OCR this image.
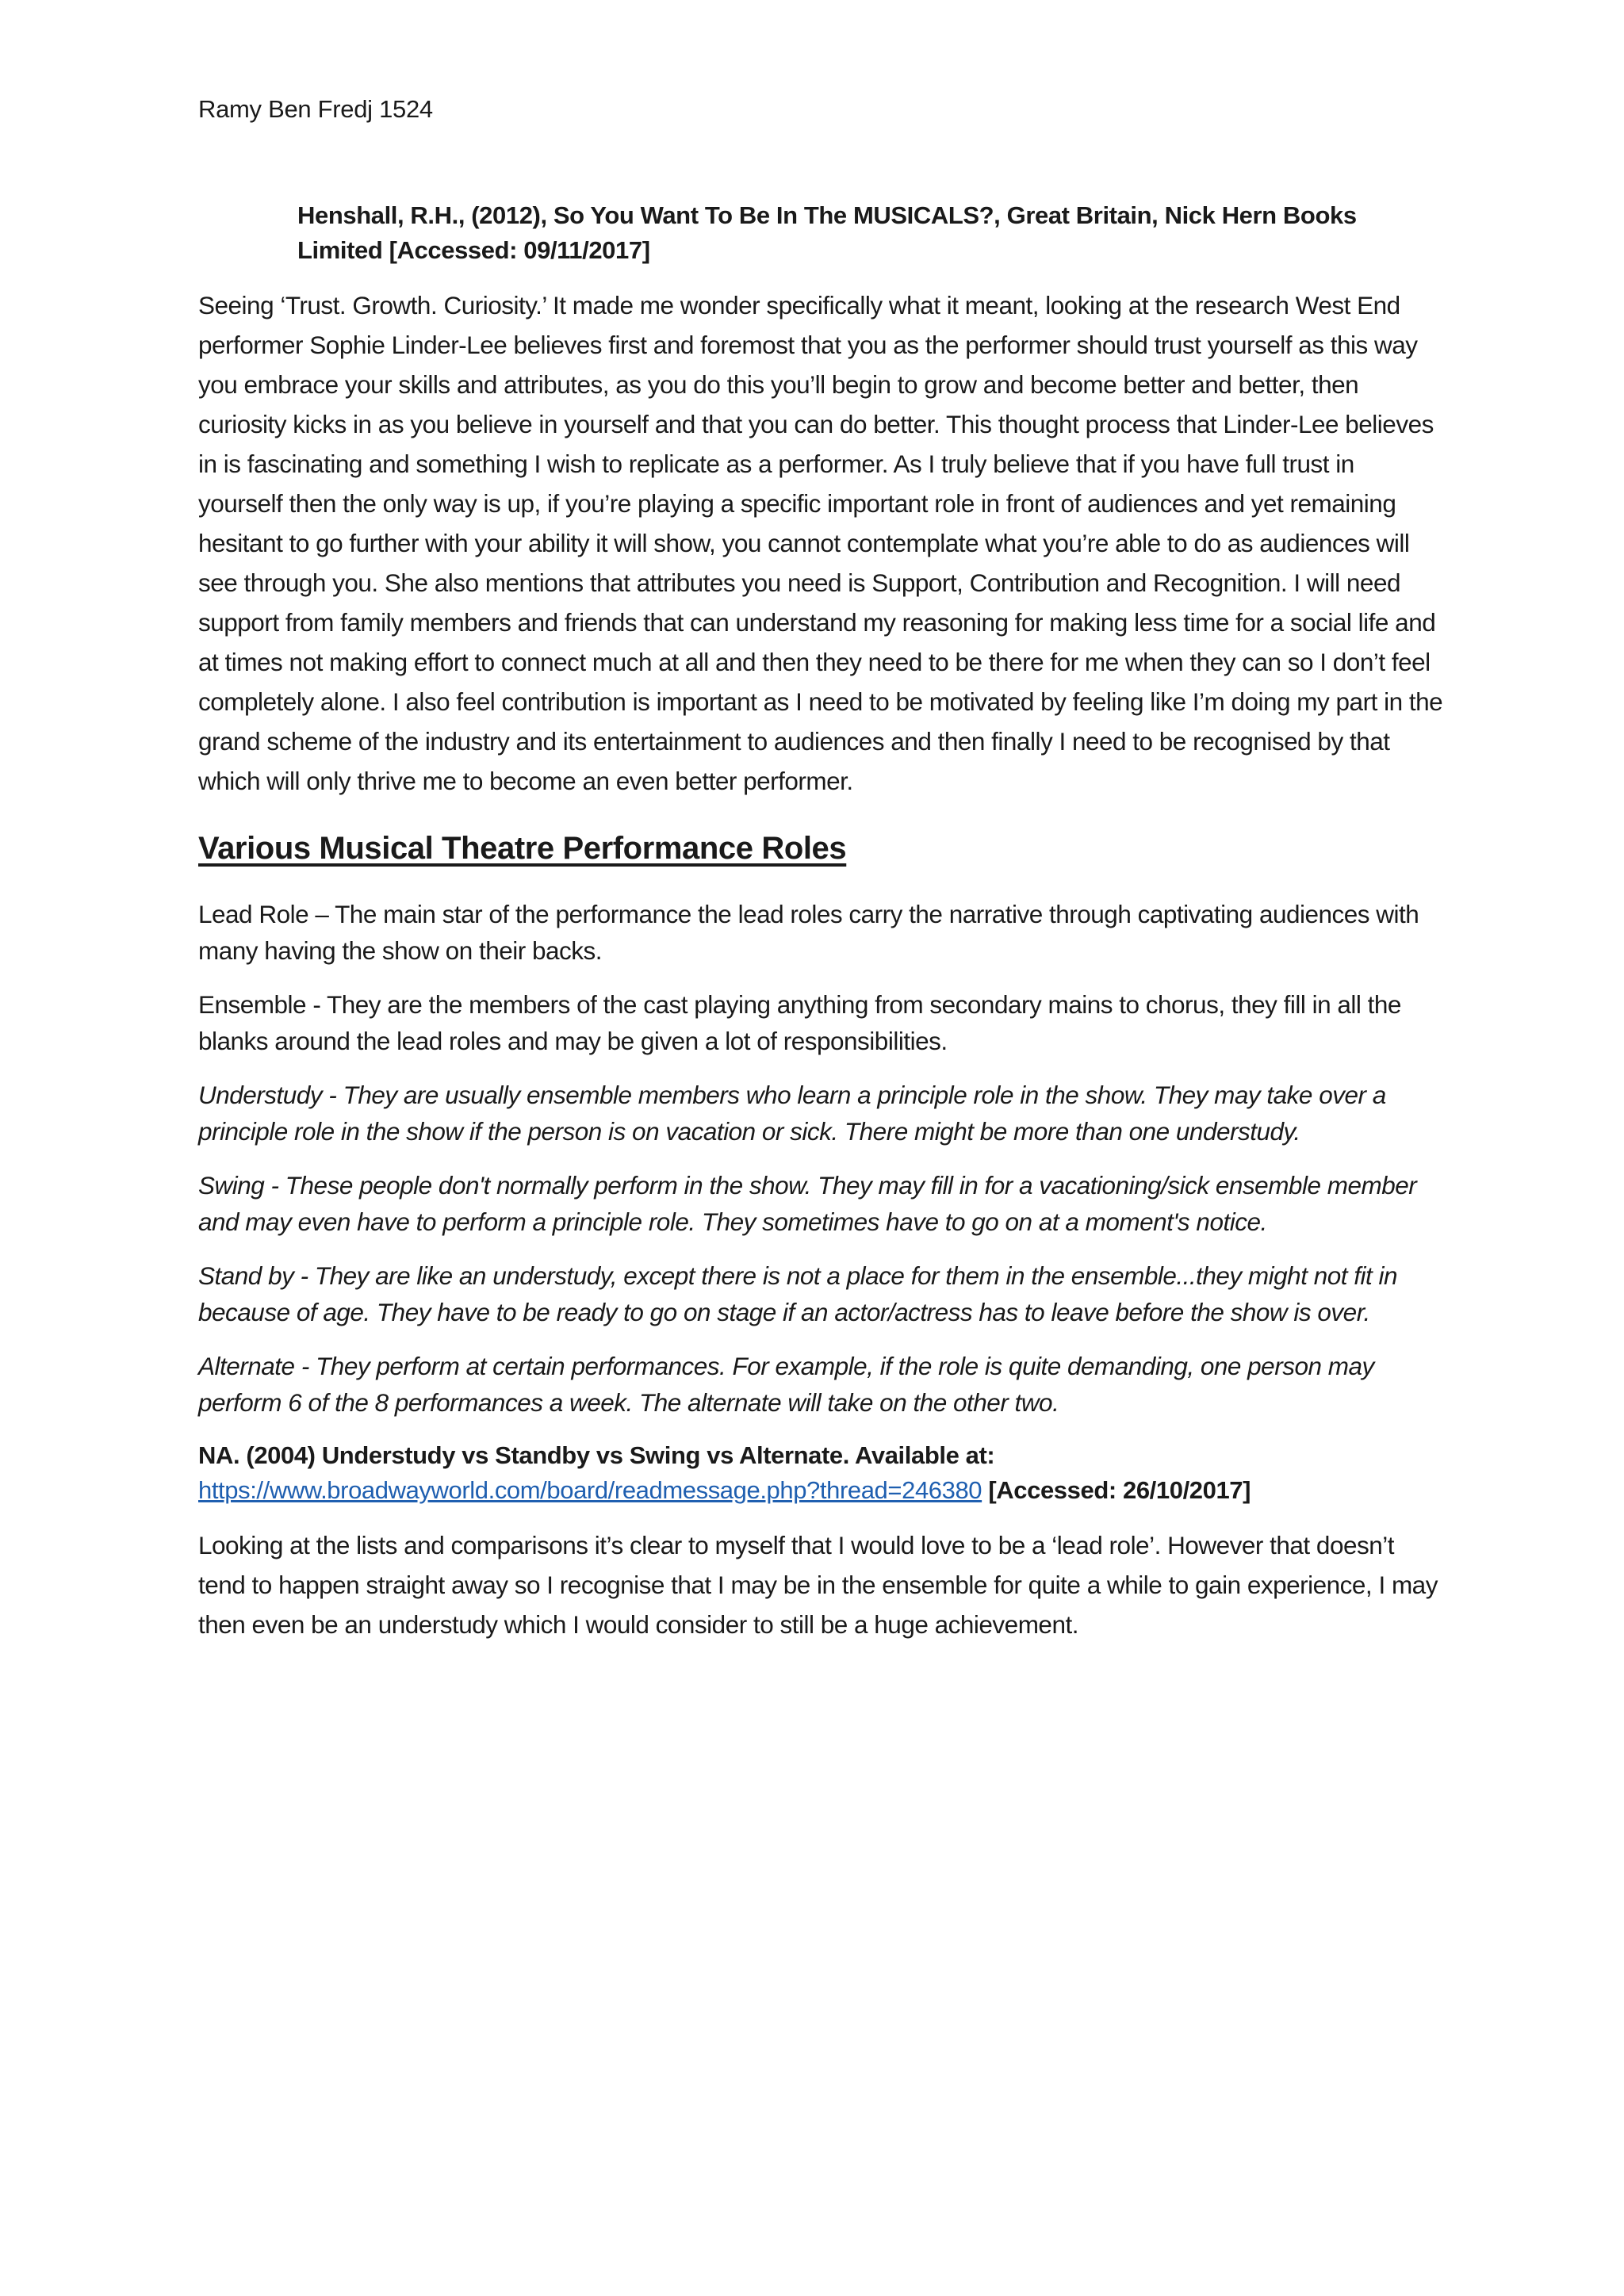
Ramy Ben Fredj 1524

Henshall, R.H., (2012), So You Want To Be In The MUSICALS?, Great Britain, Nick Hern Books Limited [Accessed: 09/11/2017]

Seeing ‘Trust. Growth. Curiosity.’ It made me wonder specifically what it meant, looking at the research West End performer Sophie Linder-Lee believes first and foremost that you as the performer should trust yourself as this way you embrace your skills and attributes, as you do this you’ll begin to grow and become better and better, then curiosity kicks in as you believe in yourself and that you can do better. This thought process that Linder-Lee believes in is fascinating and something I wish to replicate as a performer. As I truly believe that if you have full trust in yourself then the only way is up, if you’re playing a specific important role in front of audiences and yet remaining hesitant to go further with your ability it will show, you cannot contemplate what you’re able to do as audiences will see through you. She also mentions that attributes you need is Support, Contribution and Recognition. I will need support from family members and friends that can understand my reasoning for making less time for a social life and at times not making effort to connect much at all and then they need to be there for me when they can so I don’t feel completely alone. I also feel contribution is important as I need to be motivated by feeling like I’m doing my part in the grand scheme of the industry and its entertainment to audiences and then finally I need to be recognised by that which will only thrive me to become an even better performer.

Various Musical Theatre Performance Roles

Lead Role – The main star of the performance the lead roles carry the narrative through captivating audiences with many having the show on their backs.

Ensemble - They are the members of the cast playing anything from secondary mains to chorus, they fill in all the blanks around the lead roles and may be given a lot of responsibilities.

Understudy - They are usually ensemble members who learn a principle role in the show. They may take over a principle role in the show if the person is on vacation or sick. There might be more than one understudy.

Swing - These people don't normally perform in the show. They may fill in for a vacationing/sick ensemble member and may even have to perform a principle role. They sometimes have to go on at a moment's notice.

Stand by - They are like an understudy, except there is not a place for them in the ensemble...they might not fit in because of age. They have to be ready to go on stage if an actor/actress has to leave before the show is over.

Alternate - They perform at certain performances. For example, if the role is quite demanding, one person may perform 6 of the 8 performances a week. The alternate will take on the other two.

NA. (2004) Understudy vs Standby vs Swing vs Alternate. Available at:
https://www.broadwayworld.com/board/readmessage.php?thread=246380 [Accessed: 26/10/2017]

Looking at the lists and comparisons it’s clear to myself that I would love to be a ‘lead role’. However that doesn’t tend to happen straight away so I recognise that I may be in the ensemble for quite a while to gain experience, I may then even be an understudy which I would consider to still be a huge achievement.
